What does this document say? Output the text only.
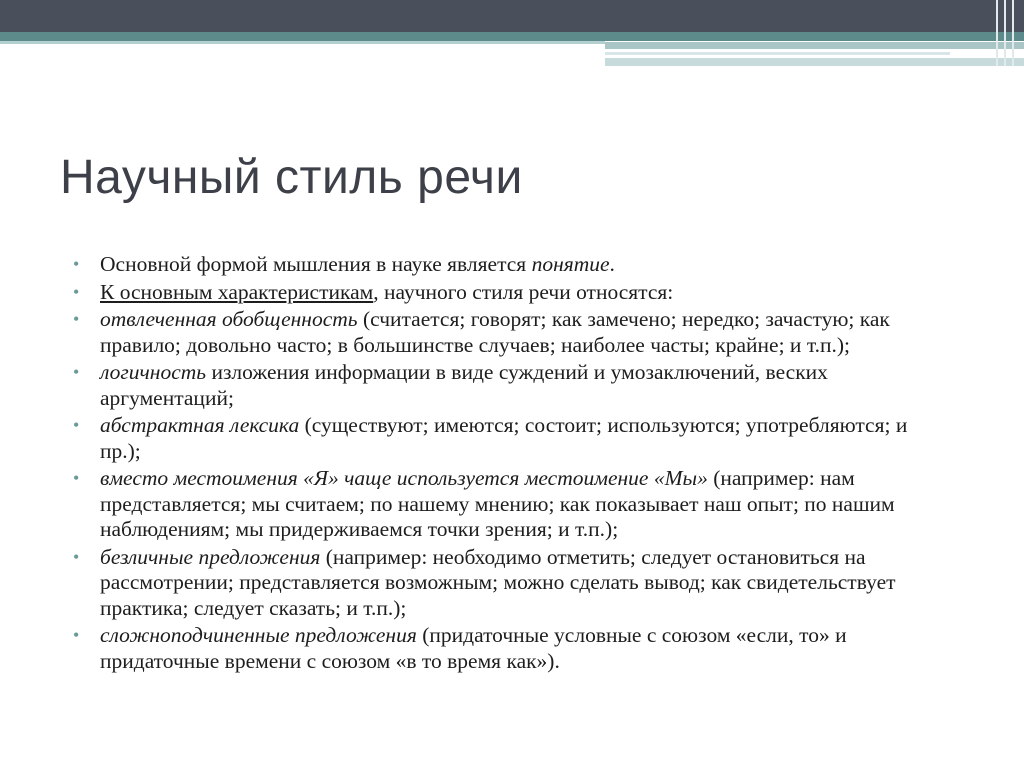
Научный стиль речи
• Основной формой мышления в науке является понятие.
• К основным характеристикам, научного стиля речи относятся:
• отвлеченная обобщенность (считается; говорят; как замечено; нередко; зачастую; как правило; довольно часто; в большинстве случаев; наиболее часты; крайне; и т.п.);
• логичность изложения информации в виде суждений и умозаключений, веских аргументаций;
• абстрактная лексика (существуют; имеются; состоит; используются; употребляются; и пр.);
• вместо местоимения «Я» чаще используется местоимение «Мы» (например: нам представляется; мы считаем; по нашему мнению; как показывает наш опыт; по нашим наблюдениям; мы придерживаемся точки зрения; и т.п.);
• безличные предложения (например: необходимо отметить; следует остановиться на рассмотрении; представляется возможным; можно сделать вывод; как свидетельствует практика; следует сказать; и т.п.);
• сложноподчиненные предложения (придаточные условные с союзом «если, то» и придаточные времени с союзом «в то время как»).
